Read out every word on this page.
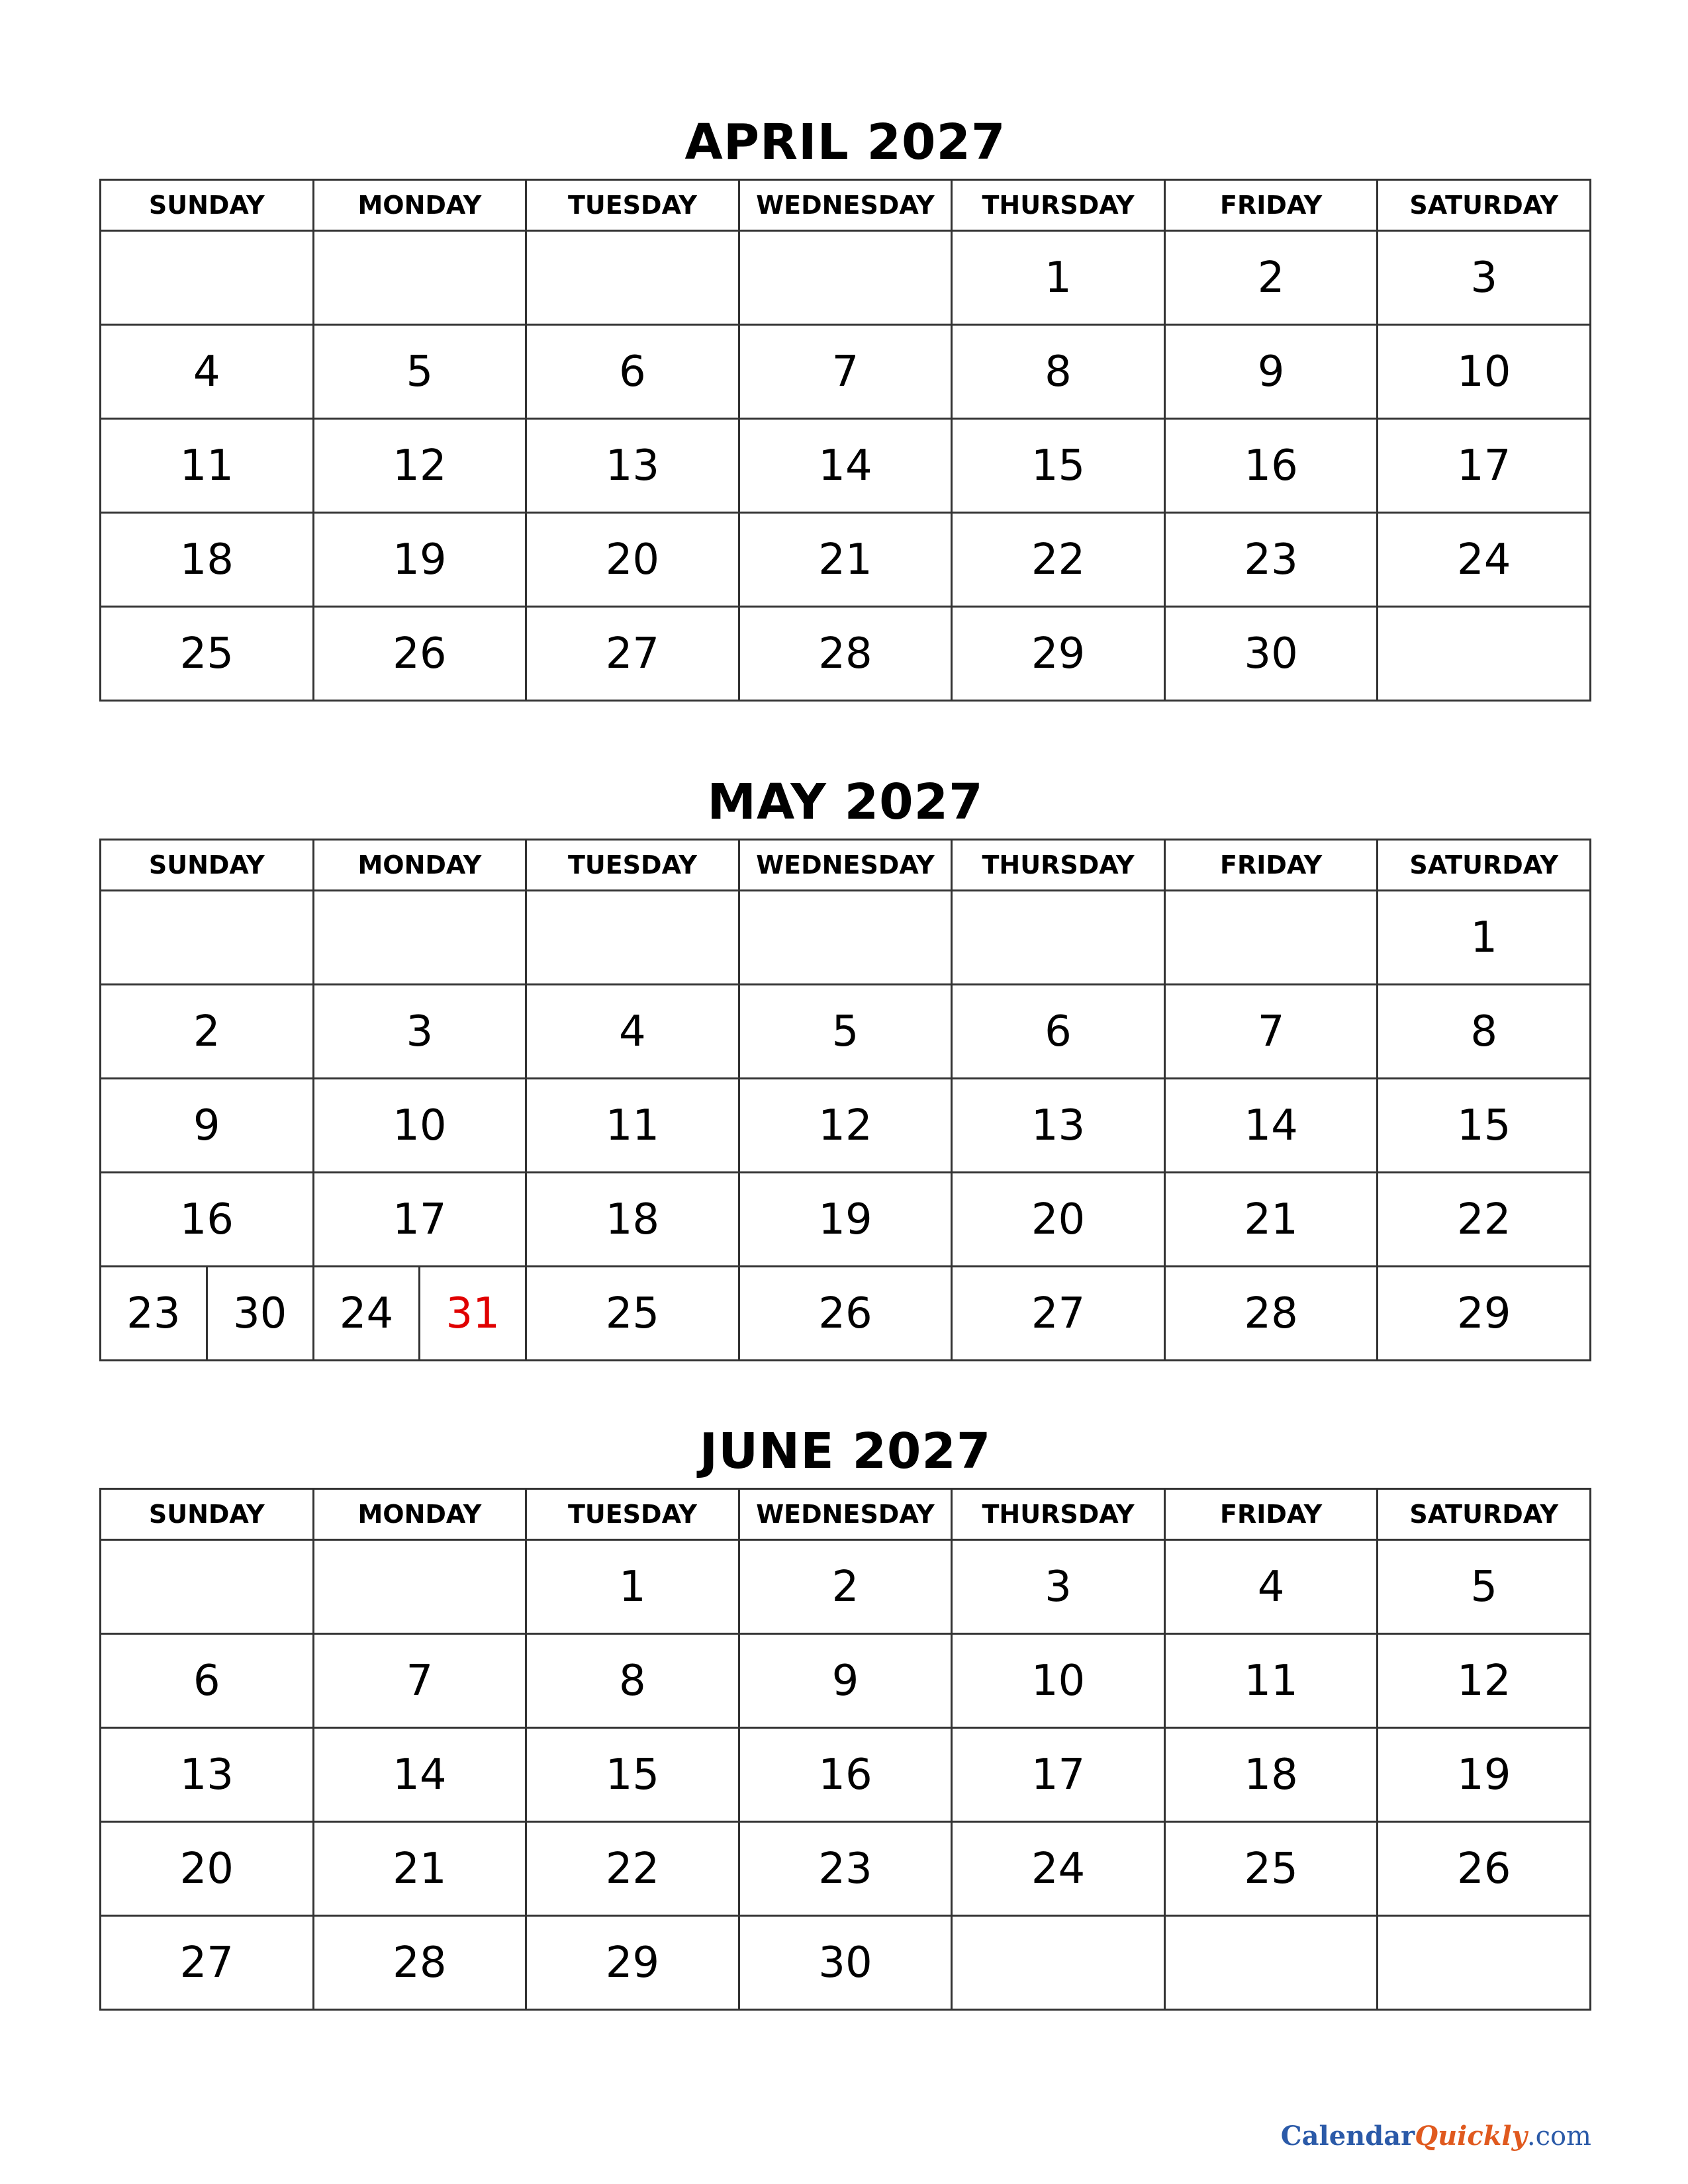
APRIL 2027
SUNDAY	MONDAY	TUESDAY	WEDNESDAY	THURSDAY	FRIDAY	SATURDAY
				1	2	3
4	5	6	7	8	9	10
11	12	13	14	15	16	17
18	19	20	21	22	23	24
25	26	27	28	29	30	
MAY 2027
SUNDAY	MONDAY	TUESDAY	WEDNESDAY	THURSDAY	FRIDAY	SATURDAY
						1
2	3	4	5	6	7	8
9	10	11	12	13	14	15
16	17	18	19	20	21	22

23 30	24 31	25	26	27	28	29
JUNE 2027
SUNDAY	MONDAY	TUESDAY	WEDNESDAY	THURSDAY	FRIDAY	SATURDAY
		1	2	3	4	5
6	7	8	9	10	11	12
13	14	15	16	17	18	19
20	21	22	23	24	25	26
27	28	29	30			
CalendarQuickly.com
